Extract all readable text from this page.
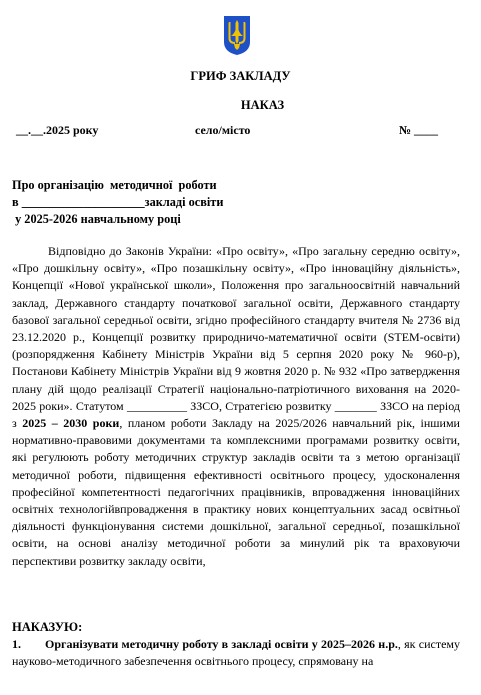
ГРИФ ЗАКЛАДУ
НАКАЗ
__.__.2025 року	село/місто	№ ____
Про організацію  методичної  роботи
в ____________________закладі освіти
у 2025-2026 навчальному році
Відповідно до Законів України: «Про освіту», «Про загальну середню освіту», «Про дошкільну освіту», «Про позашкільну освіту», «Про інноваційну діяльність», Концепції «Нової української школи», Положення про загальноосвітній навчальний заклад, Державного стандарту початкової загальної освіти, Державного стандарту базової загальної середньої освіти, згідно професійного стандарту вчителя № 2736 від 23.12.2020 р., Концепції розвитку природничо-математичної освіти (STEM-освіти) (розпорядження Кабінету Міністрів України від 5 серпня 2020 року № 960-р), Постанови Кабінету Міністрів України від 9 жовтня 2020 р. № 932 «Про затвердження плану дій щодо реалізації Стратегії національно-патріотичного виховання на 2020-2025 роки». Статутом __________ ЗЗСО, Стратегією розвитку _______ ЗЗСО на період з 2025 – 2030 роки, планом роботи Закладу на 2025/2026 навчальний рік, іншими нормативно-правовими документами та комплексними програмами розвитку освіти, які регулюють роботу методичних структур закладів освіти та з метою організації методичної роботи, підвищення ефективності освітнього процесу, удосконалення професійної компетентності педагогічних працівників, впровадження інноваційних освітніх технологійвпровадження в практику нових концептуальних засад освітньої діяльності функціонування системи дошкільної, загальної середньої, позашкільної освіти, на основі аналізу методичної роботи за минулий рік та враховуючи перспективи розвитку закладу освіти,
НАКАЗУЮ:
1. Організувати методичну роботу в закладі освіти у 2025–2026 н.р., як систему науково-методичного забезпечення освітнього процесу, спрямовану на
